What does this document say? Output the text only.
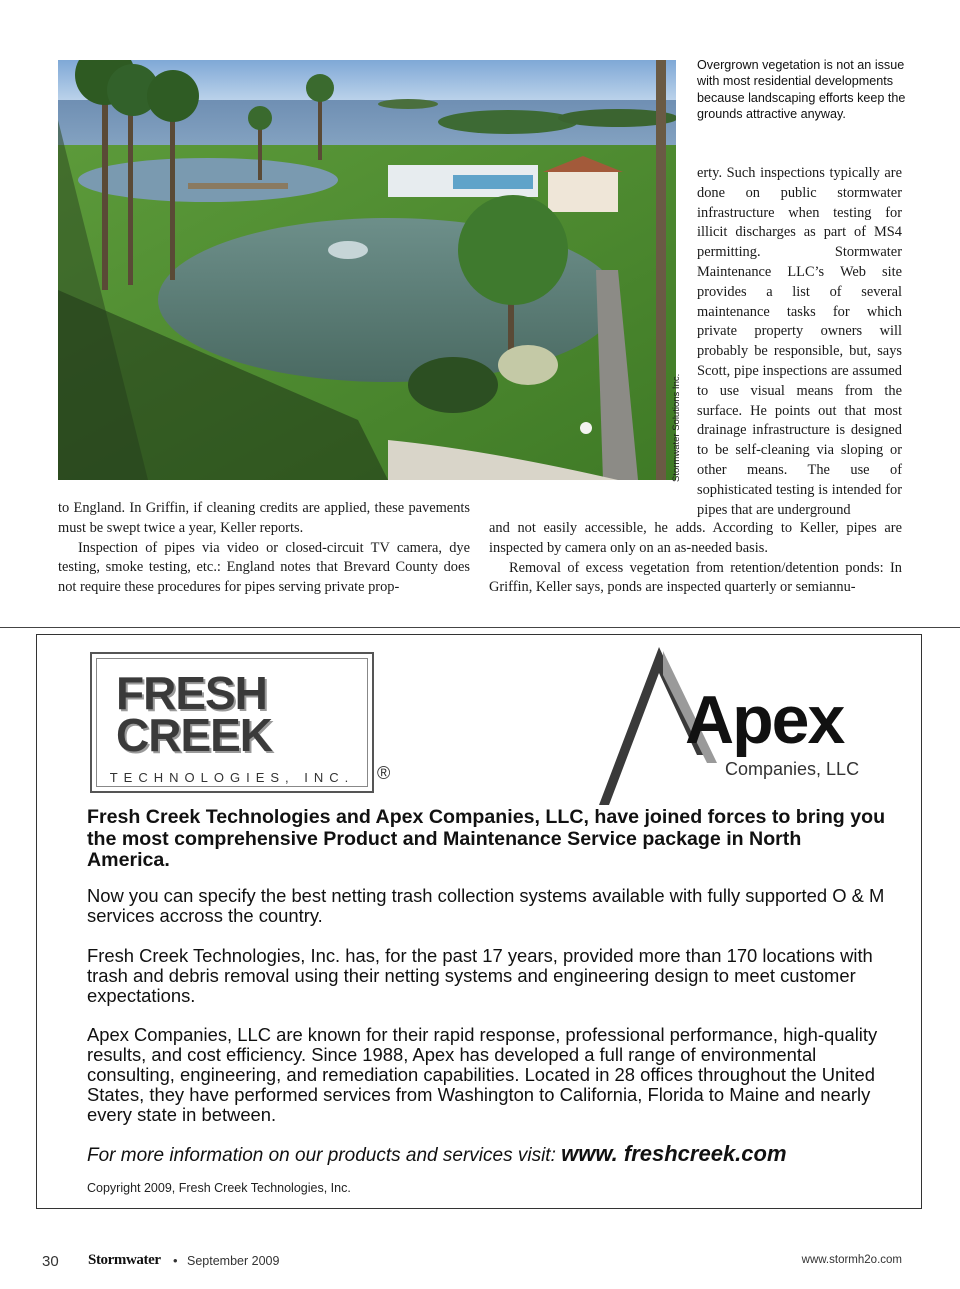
Stormwater Solutions Inc.

Overgrown vegetation is not an issue with most residential developments because landscaping efforts keep the grounds attractive anyway.

erty. Such inspections typically are done on public stormwater infrastructure when testing for illicit discharges as part of MS4 permitting. Stormwater Maintenance LLC’s Web site provides a list of several maintenance tasks for which private property owners will probably be responsible, but, says Scott, pipe inspections are assumed to use visual means from the surface. He points out that most drainage infrastructure is designed to be self-cleaning via sloping or other means. The use of sophisticated testing is intended for pipes that are underground

to England. In Griffin, if cleaning credits are applied, these pavements must be swept twice a year, Keller reports.

Inspection of pipes via video or closed-circuit TV camera, dye testing, smoke testing, etc.: England notes that Brevard County does not require these procedures for pipes serving private prop-

and not easily accessible, he adds. According to Keller, pipes are inspected by camera only on an as-needed basis.

Removal of excess vegetation from retention/detention ponds: In Griffin, Keller says, ponds are inspected quarterly or semiannu-

FRESH
CREEK
TECHNOLOGIES, INC.	®
Apex
Companies, LLC
Fresh Creek Technologies and Apex Companies, LLC, have joined forces to bring you the most comprehensive Product and Maintenance Service package in North America.
Now you can specify the best netting trash collection systems available with fully supported O & M services accross the country.
Fresh Creek Technologies, Inc. has, for the past 17 years, provided more than 170 locations with trash and debris removal using their netting systems and engineering design to meet customer expectations.
Apex Companies, LLC are known for their rapid response, professional performance, high-quality results, and cost efficiency. Since 1988, Apex has developed a full range of environmental consulting, engineering, and remediation capabilities. Located in 28 offices throughout the United States, they have performed services from Washington to California, Florida to Maine and nearly every state in between.
For more information on our products and services visit: www. freshcreek.com
Copyright 2009, Fresh Creek Technologies, Inc.
30 Stormwater • September 2009	www.stormh2o.com
